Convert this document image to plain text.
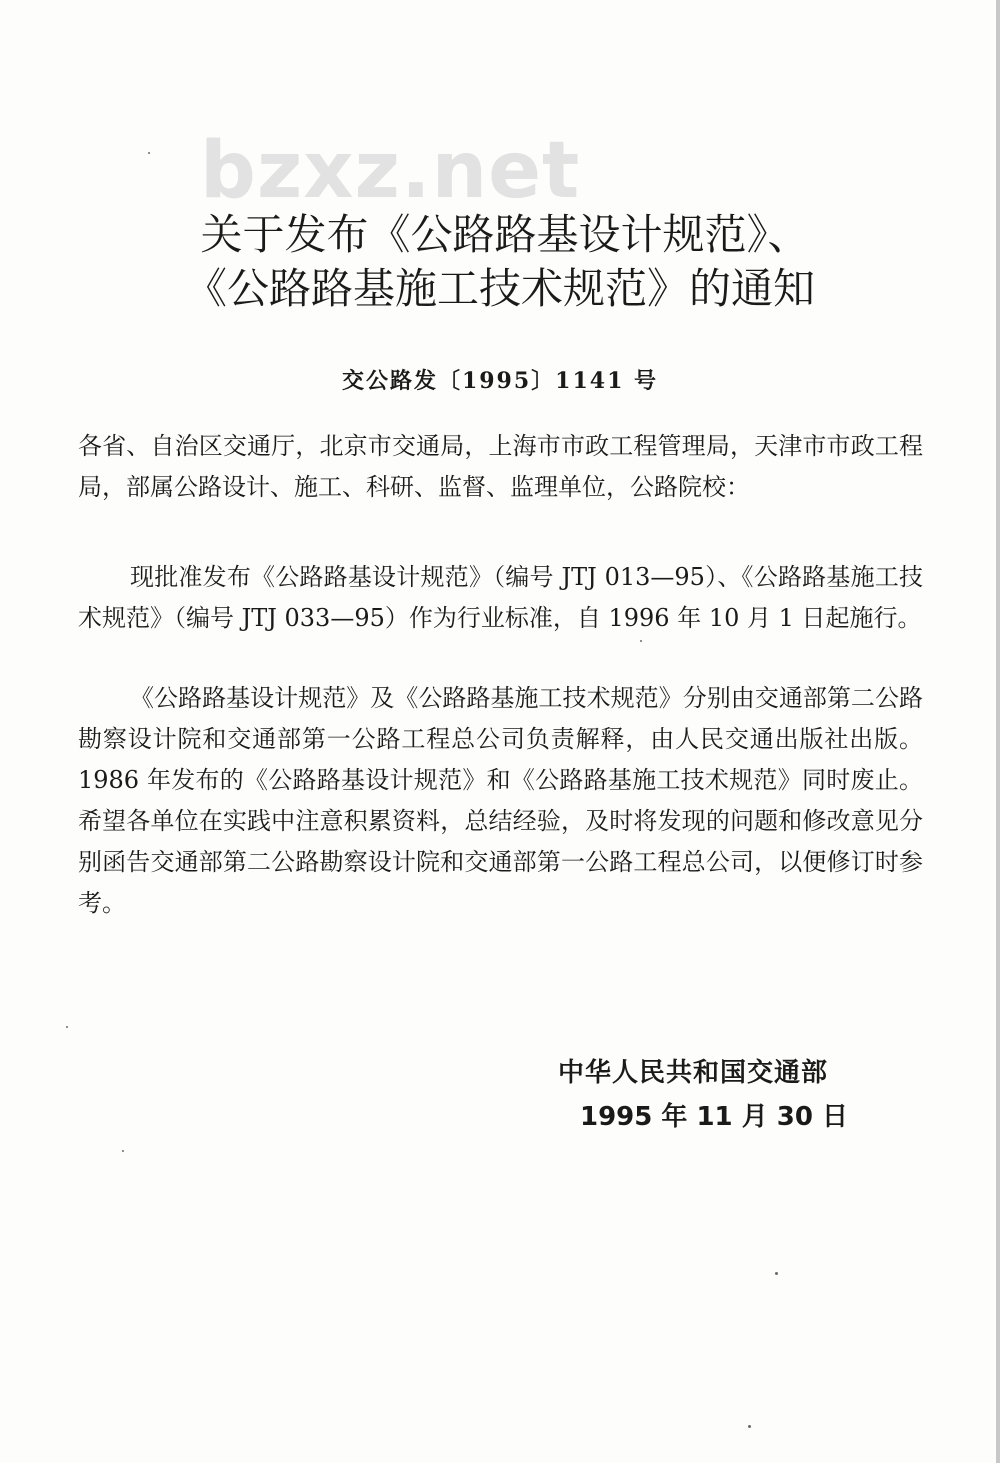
bzxz.net
关于发布《公路路基设计规范》、
《公路路基施工技术规范》的通知
交公路发〔1995〕1141 号
各省、自治区交通厅，北京市交通局，上海市市政工程管理局，天津市市政工程局，部属公路设计、施工、科研、监督、监理单位，公路院校：
现批准发布《公路路基设计规范》（编号 JTJ 013—95）、《公路路基施工技术规范》（编号 JTJ 033—95）作为行业标准，自 1996 年 10 月 1 日起施行。
《公路路基设计规范》及《公路路基施工技术规范》分别由交通部第二公路勘察设计院和交通部第一公路工程总公司负责解释，由人民交通出版社出版。1986 年发布的《公路路基设计规范》和《公路路基施工技术规范》同时废止。希望各单位在实践中注意积累资料，总结经验，及时将发现的问题和修改意见分别函告交通部第二公路勘察设计院和交通部第一公路工程总公司，以便修订时参考。
中华人民共和国交通部
1995 年 11 月 30 日
